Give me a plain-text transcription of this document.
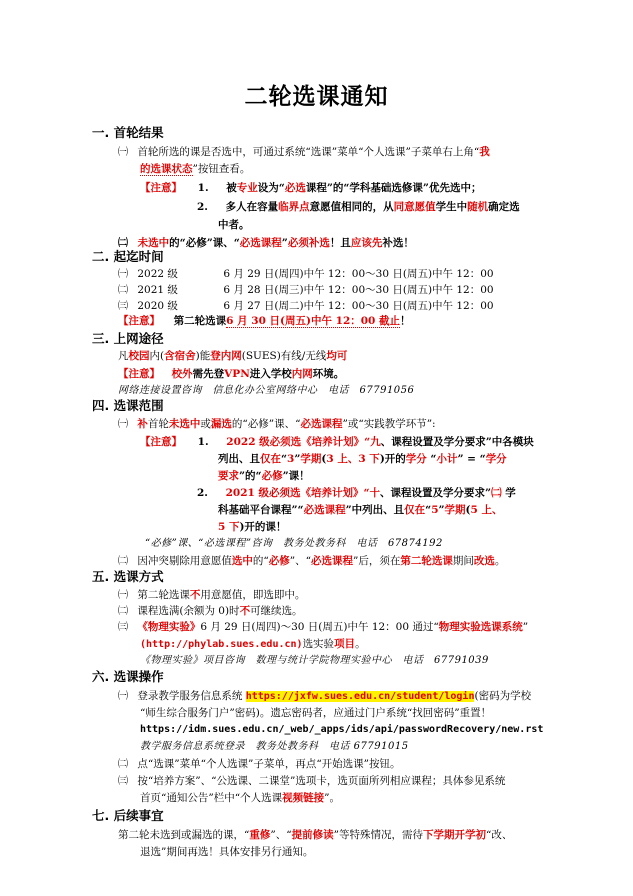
二轮选课通知
一. 首轮结果
㈠ 首轮所选的课是否选中，可通过系统“选课”菜单“个人选课”子菜单右上角“我
的选课状态”按钮查看。
【注意】 1. 被专业设为“必选课程”的“学科基础选修课”优先选中；
2. 多人在容量临界点意愿值相同的，从同意愿值学生中随机确定选
中者。
㈡ 未选中的“必修”课、“必选课程”必须补选！且应该先补选！
二. 起迄时间
㈠ 2022 级	6 月 29 日(周四)中午 12：00～30 日(周五)中午 12：00
㈡ 2021 级	6 月 28 日(周三)中午 12：00～30 日(周五)中午 12：00
㈢ 2020 级	6 月 27 日(周二)中午 12：00～30 日(周五)中午 12：00
【注意】 第二轮选课6 月 30 日(周五)中午 12：00 截止！
三. 上网途径
凡校园内(含宿舍)能登内网(SUES)有线/无线均可
【注意】 校外需先登VPN进入学校内网环境。
网络连接设置咨询　信息化办公室网络中心　电话　67791056
四. 选课范围
㈠ 补首轮未选中或漏选的“必修”课、“必选课程”或“实践教学环节”:
【注意】 1. 2022 级必须选《培养计划》“九、课程设置及学分要求”中各模块
列出、且仅在“3”学期(3 上、3 下)开的学分 “小计” = “学分
要求”的“必修”课！
2. 2021 级必须选《培养计划》“十、课程设置及学分要求”㈡ 学
科基础平台课程”“必选课程”中列出、且仅在“5”学期(5 上、
5 下)开的课！
“必修”课、“必选课程”咨询　教务处教务科　电话　67874192
㈡ 因冲突剔除用意愿值选中的“必修”、“必选课程”后，须在第二轮选课期间改选。
五. 选课方式
㈠ 第二轮选课不用意愿值，即选即中。
㈡ 课程选满(余额为 0)时不可继续选。
㈢ 《物理实验》6 月 29 日(周四)～30 日(周五)中午 12：00 通过“物理实验选课系统”
(http://phylab.sues.edu.cn)选实验项目。
《物理实验》项目咨询　数理与统计学院物理实验中心　电话　67791039
六. 选课操作
㈠ 登录教学服务信息系统 https://jxfw.sues.edu.cn/student/login(密码为学校
“师生综合服务门户”密码)。遗忘密码者，应通过门户系统“找回密码”重置！
https://idm.sues.edu.cn/_web/_apps/ids/api/passwordRecovery/new.rst
教学服务信息系统登录　教务处教务科　电话 67791015
㈡ 点“选课”菜单“个人选课”子菜单，再点“开始选课”按钮。
㈢ 按“培养方案”、“公选课、二课堂”选项卡，选页面所列相应课程；具体参见系统
首页“通知公告”栏中“个人选课视频链接”。
七. 后续事宜
第二轮未选到或漏选的课，“重修”、“提前修读”等特殊情况，需待下学期开学初“改、
退选”期间再选！具体安排另行通知。
